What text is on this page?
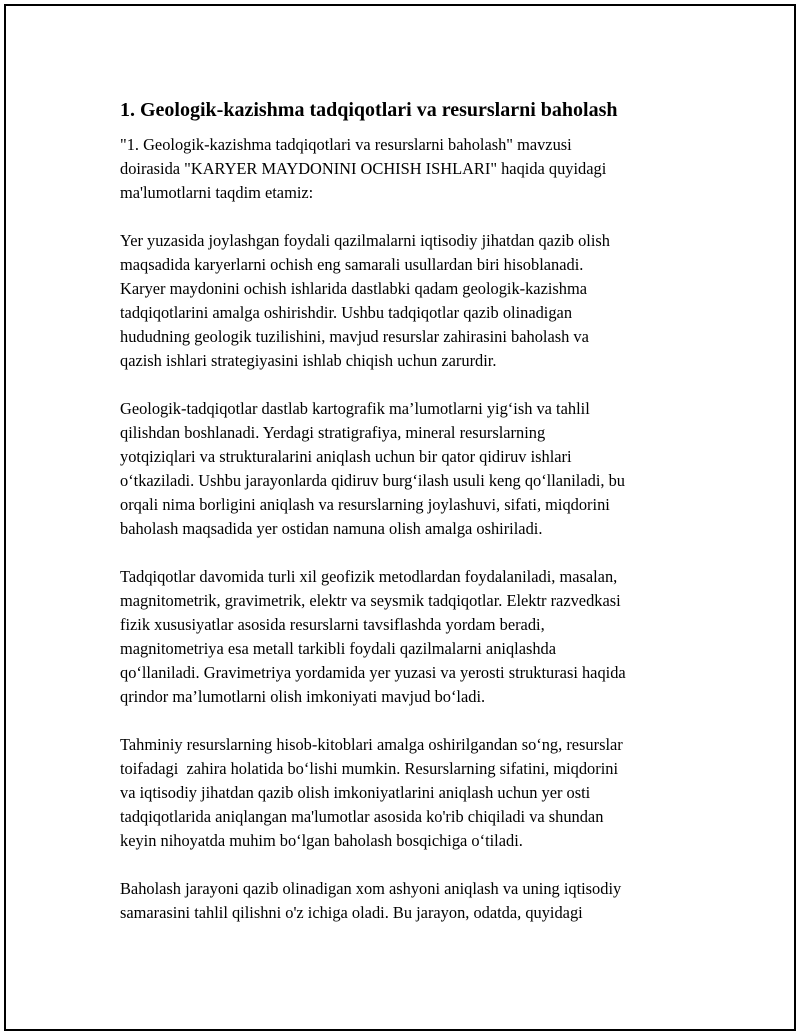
1. Geologik-kazishma tadqiqotlari va resurslarni baholash

"1. Geologik-kazishma tadqiqotlari va resurslarni baholash" mavzusi
doirasida "KARYER MAYDONINI OCHISH ISHLARI" haqida quyidagi
ma'lumotlarni taqdim etamiz:

Yer yuzasida joylashgan foydali qazilmalarni iqtisodiy jihatdan qazib olish
maqsadida karyerlarni ochish eng samarali usullardan biri hisoblanadi.
Karyer maydonini ochish ishlarida dastlabki qadam geologik-kazishma
tadqiqotlarini amalga oshirishdir. Ushbu tadqiqotlar qazib olinadigan
hududning geologik tuzilishini, mavjud resurslar zahirasini baholash va
qazish ishlari strategiyasini ishlab chiqish uchun zarurdir.

Geologik-tadqiqotlar dastlab kartografik ma’lumotlarni yig‘ish va tahlil
qilishdan boshlanadi. Yerdagi stratigrafiya, mineral resurslarning
yotqiziqlari va strukturalarini aniqlash uchun bir qator qidiruv ishlari
o‘tkaziladi. Ushbu jarayonlarda qidiruv burg‘ilash usuli keng qo‘llaniladi, bu
orqali nima borligini aniqlash va resurslarning joylashuvi, sifati, miqdorini
baholash maqsadida yer ostidan namuna olish amalga oshiriladi.

Tadqiqotlar davomida turli xil geofizik metodlardan foydalaniladi, masalan,
magnitometrik, gravimetrik, elektr va seysmik tadqiqotlar. Elektr razvedkasi
fizik xususiyatlar asosida resurslarni tavsiflashda yordam beradi,
magnitometriya esa metall tarkibli foydali qazilmalarni aniqlashda
qo‘llaniladi. Gravimetriya yordamida yer yuzasi va yerosti strukturasi haqida
qrindor ma’lumotlarni olish imkoniyati mavjud bo‘ladi.

Tahminiy resurslarning hisob-kitoblari amalga oshirilgandan so‘ng, resurslar
toifadagi  zahira holatida bo‘lishi mumkin. Resurslarning sifatini, miqdorini
va iqtisodiy jihatdan qazib olish imkoniyatlarini aniqlash uchun yer osti
tadqiqotlarida aniqlangan ma'lumotlar asosida ko'rib chiqiladi va shundan
keyin nihoyatda muhim bo‘lgan baholash bosqichiga o‘tiladi.

Baholash jarayoni qazib olinadigan xom ashyoni aniqlash va uning iqtisodiy
samarasini tahlil qilishni o'z ichiga oladi. Bu jarayon, odatda, quyidagi
